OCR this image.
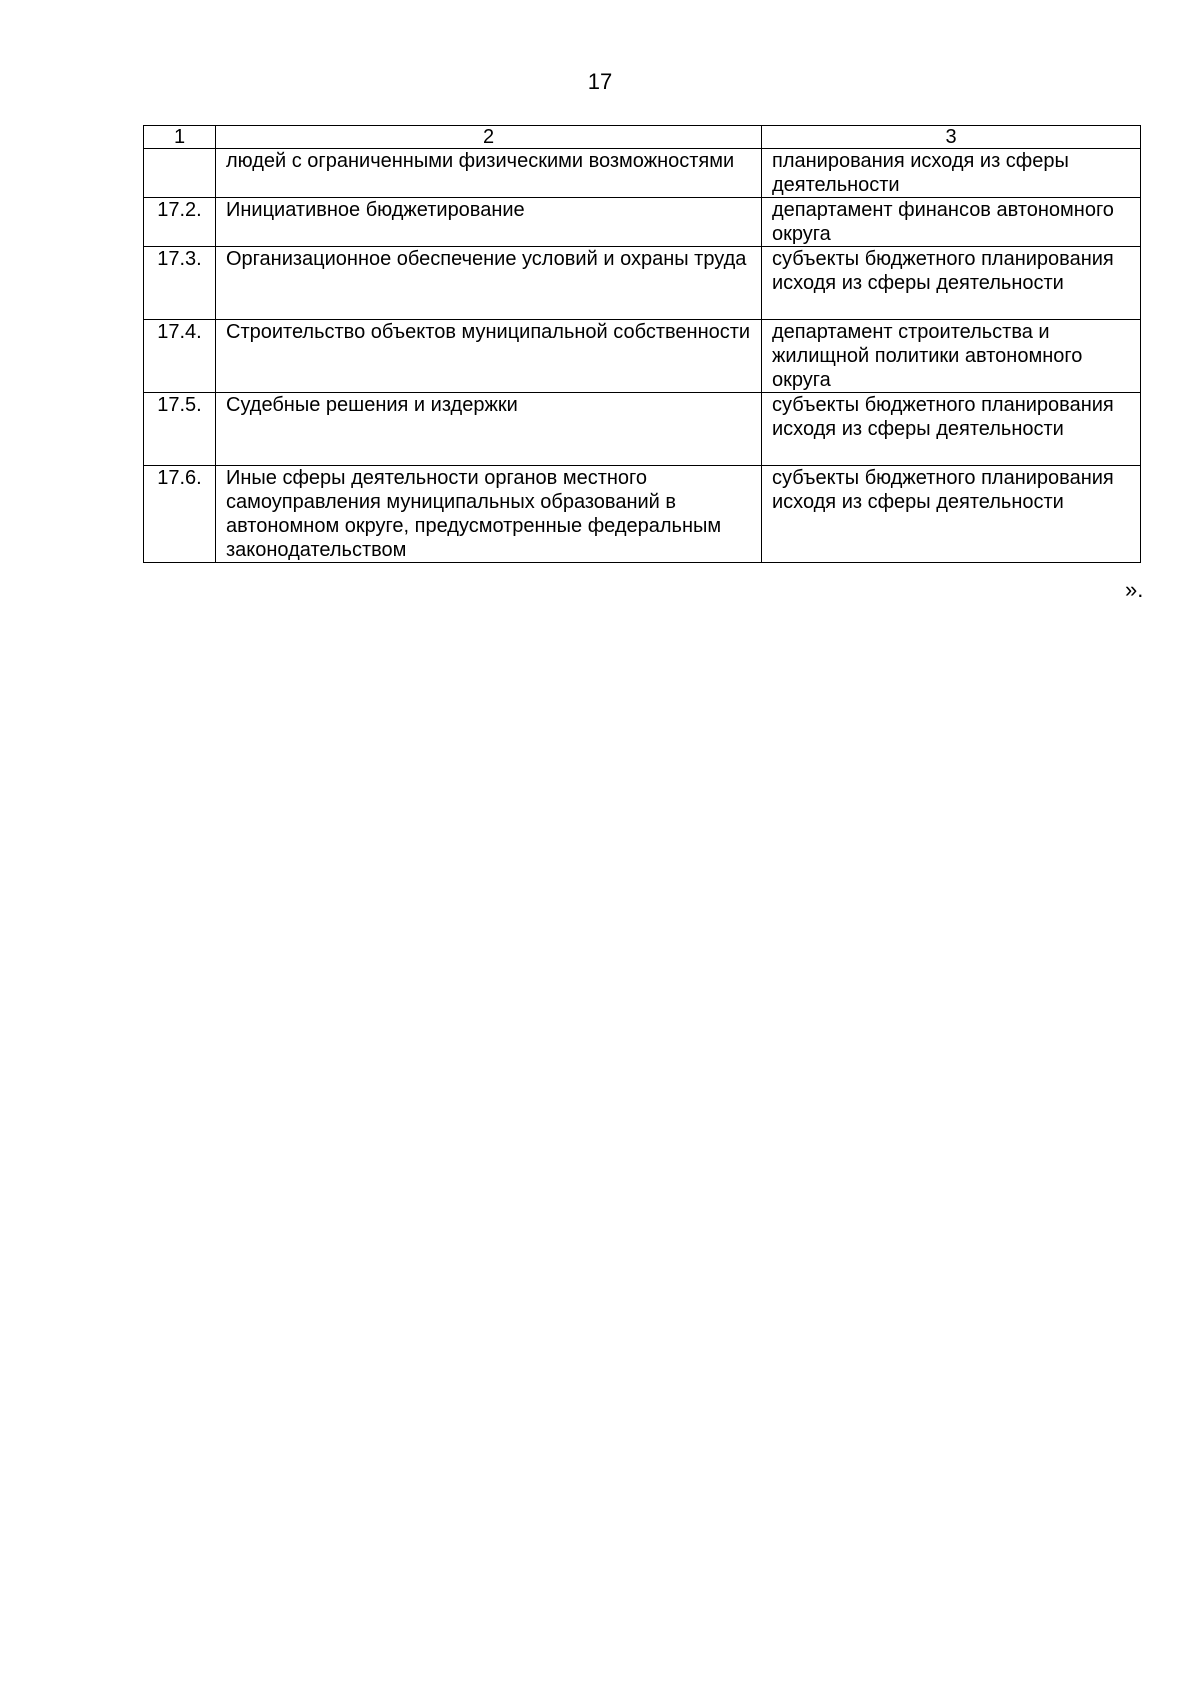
17
1	2	3
	людей с ограниченными физическими возможностями	планирования исходя из сферы деятельности
17.2.	Инициативное бюджетирование	департамент финансов автономного округа
17.3.	Организационное обеспечение условий и охраны труда	субъекты бюджетного планирования исходя из сферы деятельности
17.4.	Строительство объектов муниципальной собственности	департамент строительства и жилищной политики автономного округа
17.5.	Судебные решения и издержки	субъекты бюджетного планирования исходя из сферы деятельности
17.6.	Иные сферы деятельности органов местного самоуправления муниципальных образований в автономном округе, предусмотренные федеральным законодательством	субъекты бюджетного планирования исходя из сферы деятельности
».
